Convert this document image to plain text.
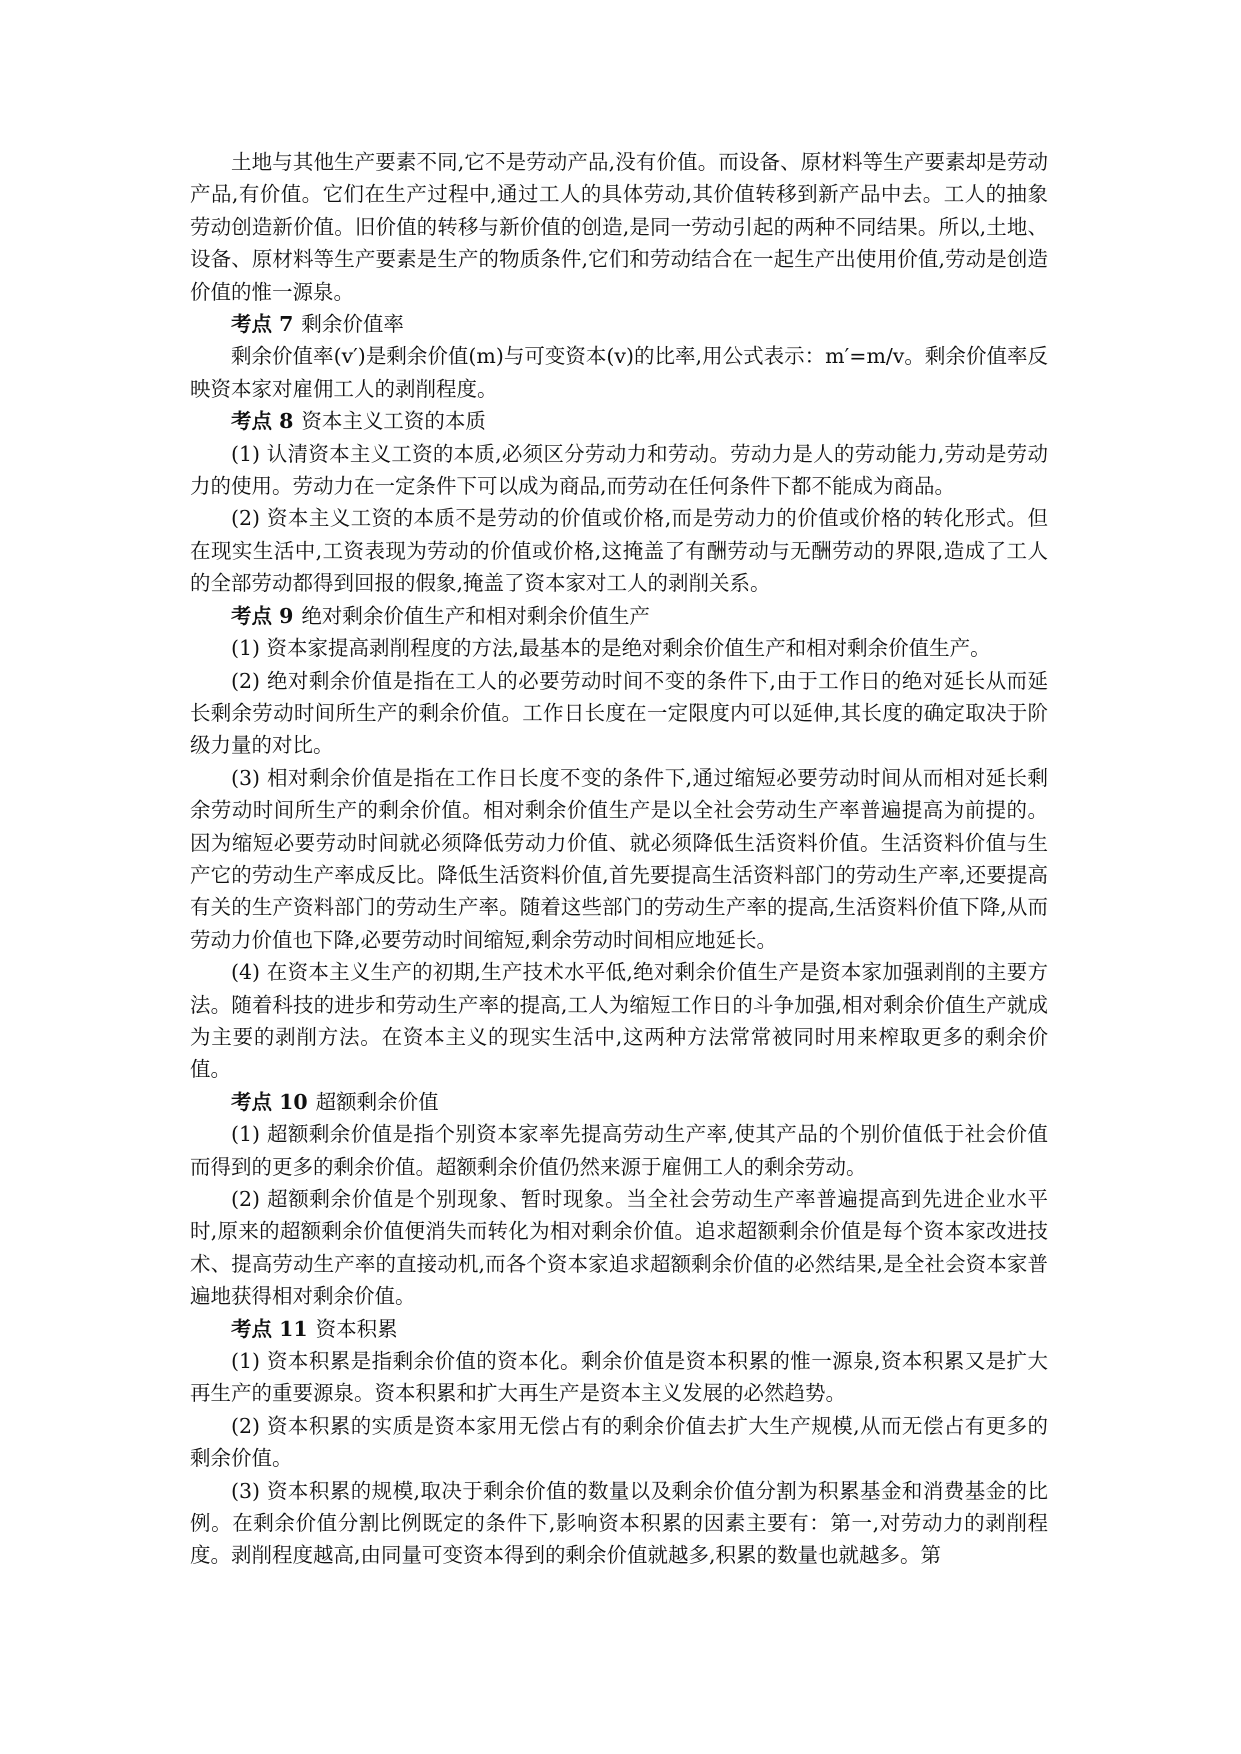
土地与其他生产要素不同,它不是劳动产品,没有价值。而设备、原材料等生产要素却是劳动产品,有价值。它们在生产过程中,通过工人的具体劳动,其价值转移到新产品中去。工人的抽象劳动创造新价值。旧价值的转移与新价值的创造,是同一劳动引起的两种不同结果。所以,土地、设备、原材料等生产要素是生产的物质条件,它们和劳动结合在一起生产出使用价值,劳动是创造价值的惟一源泉。

考点 7 剩余价值率

剩余价值率(v′)是剩余价值(m)与可变资本(v)的比率,用公式表示：m′=m/v。剩余价值率反映资本家对雇佣工人的剥削程度。

考点 8 资本主义工资的本质

(1) 认清资本主义工资的本质,必须区分劳动力和劳动。劳动力是人的劳动能力,劳动是劳动力的使用。劳动力在一定条件下可以成为商品,而劳动在任何条件下都不能成为商品。

(2) 资本主义工资的本质不是劳动的价值或价格,而是劳动力的价值或价格的转化形式。但在现实生活中,工资表现为劳动的价值或价格,这掩盖了有酬劳动与无酬劳动的界限,造成了工人的全部劳动都得到回报的假象,掩盖了资本家对工人的剥削关系。

考点 9 绝对剩余价值生产和相对剩余价值生产

(1) 资本家提高剥削程度的方法,最基本的是绝对剩余价值生产和相对剩余价值生产。

(2) 绝对剩余价值是指在工人的必要劳动时间不变的条件下,由于工作日的绝对延长从而延长剩余劳动时间所生产的剩余价值。工作日长度在一定限度内可以延伸,其长度的确定取决于阶级力量的对比。

(3) 相对剩余价值是指在工作日长度不变的条件下,通过缩短必要劳动时间从而相对延长剩余劳动时间所生产的剩余价值。相对剩余价值生产是以全社会劳动生产率普遍提高为前提的。因为缩短必要劳动时间就必须降低劳动力价值、就必须降低生活资料价值。生活资料价值与生产它的劳动生产率成反比。降低生活资料价值,首先要提高生活资料部门的劳动生产率,还要提高有关的生产资料部门的劳动生产率。随着这些部门的劳动生产率的提高,生活资料价值下降,从而劳动力价值也下降,必要劳动时间缩短,剩余劳动时间相应地延长。

(4) 在资本主义生产的初期,生产技术水平低,绝对剩余价值生产是资本家加强剥削的主要方法。随着科技的进步和劳动生产率的提高,工人为缩短工作日的斗争加强,相对剩余价值生产就成为主要的剥削方法。在资本主义的现实生活中,这两种方法常常被同时用来榨取更多的剩余价值。

考点 10 超额剩余价值

(1) 超额剩余价值是指个别资本家率先提高劳动生产率,使其产品的个别价值低于社会价值而得到的更多的剩余价值。超额剩余价值仍然来源于雇佣工人的剩余劳动。

(2) 超额剩余价值是个别现象、暂时现象。当全社会劳动生产率普遍提高到先进企业水平时,原来的超额剩余价值便消失而转化为相对剩余价值。追求超额剩余价值是每个资本家改进技术、提高劳动生产率的直接动机,而各个资本家追求超额剩余价值的必然结果,是全社会资本家普遍地获得相对剩余价值。

考点 11 资本积累

(1) 资本积累是指剩余价值的资本化。剩余价值是资本积累的惟一源泉,资本积累又是扩大再生产的重要源泉。资本积累和扩大再生产是资本主义发展的必然趋势。

(2) 资本积累的实质是资本家用无偿占有的剩余价值去扩大生产规模,从而无偿占有更多的剩余价值。

(3) 资本积累的规模,取决于剩余价值的数量以及剩余价值分割为积累基金和消费基金的比例。在剩余价值分割比例既定的条件下,影响资本积累的因素主要有：第一,对劳动力的剥削程度。剥削程度越高,由同量可变资本得到的剩余价值就越多,积累的数量也就越多。第
